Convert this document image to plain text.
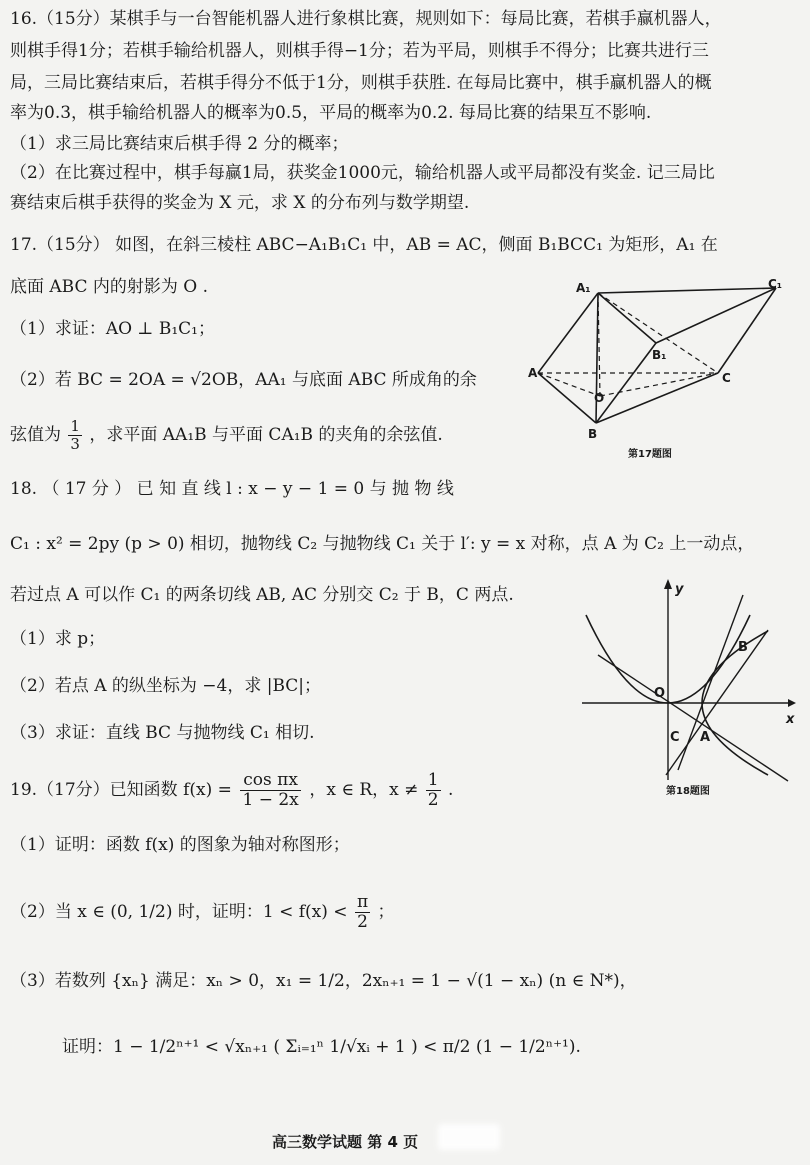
16.（15分）某棋手与一台智能机器人进行象棋比赛，规则如下：每局比赛，若棋手赢机器人，
则棋手得1分；若棋手输给机器人，则棋手得−1分；若为平局，则棋手不得分；比赛共进行三
局，三局比赛结束后，若棋手得分不低于1分，则棋手获胜. 在每局比赛中，棋手赢机器人的概
率为0.3，棋手输给机器人的概率为0.5，平局的概率为0.2. 每局比赛的结果互不影响.
（1）求三局比赛结束后棋手得 2 分的概率；
（2）在比赛过程中，棋手每赢1局，获奖金1000元，输给机器人或平局都没有奖金. 记三局比
赛结束后棋手获得的奖金为 X 元，求 X 的分布列与数学期望.
17.（15分） 如图，在斜三棱柱 ABC−A₁B₁C₁ 中，AB = AC，侧面 B₁BCC₁ 为矩形，A₁ 在
底面 ABC 内的射影为 O .
（1）求证：AO ⊥ B₁C₁；
（2）若 BC = 2OA = √2OB，AA₁ 与底面 ABC 所成角的余
弦值为 $\frac{1}{3}$ ，求平面 AA₁B 与平面 CA₁B 的夹角的余弦值.
A₁	C₁
B₁
A	C
O
B
第17题图
18. （ 17 分 ） 已 知 直 线 l : x − y − 1 = 0 与 抛 物 线
C₁ : x² = 2py (p > 0) 相切，抛物线 C₂ 与抛物线 C₁ 关于 l′: y = x 对称，点 A 为 C₂ 上一动点，
若过点 A 可以作 C₁ 的两条切线 AB, AC 分别交 C₂ 于 B，C 两点.
（1）求 p；
（2）若点 A 的纵坐标为 −4，求 |BC|；
（3）求证：直线 BC 与抛物线 C₁ 相切.
y
x
O
B
C A
第18题图
19.（17分）已知函数 $f(x) = \frac{\text{cos πx}}{1 - 2x}$ ，x ∈ R，$x \ne \frac{1}{2}$ .
（1）证明：函数 f(x) 的图象为轴对称图形；
（2）当 x ∈ (0, 1/2) 时，证明：$1 < f(x) < \frac{\pi}{2}$ ；
（3）若数列 {xₙ} 满足：xₙ > 0，x₁ = 1/2，2xₙ₊₁ = 1 − √(1 − xₙ) (n ∈ N*)，
证明：1 − 1/2ⁿ⁺¹ < √xₙ₊₁ ( Σᵢ₌₁ⁿ 1/√xᵢ + 1 ) < π/2 (1 − 1/2ⁿ⁺¹).
高三数学试题 第 4 页
